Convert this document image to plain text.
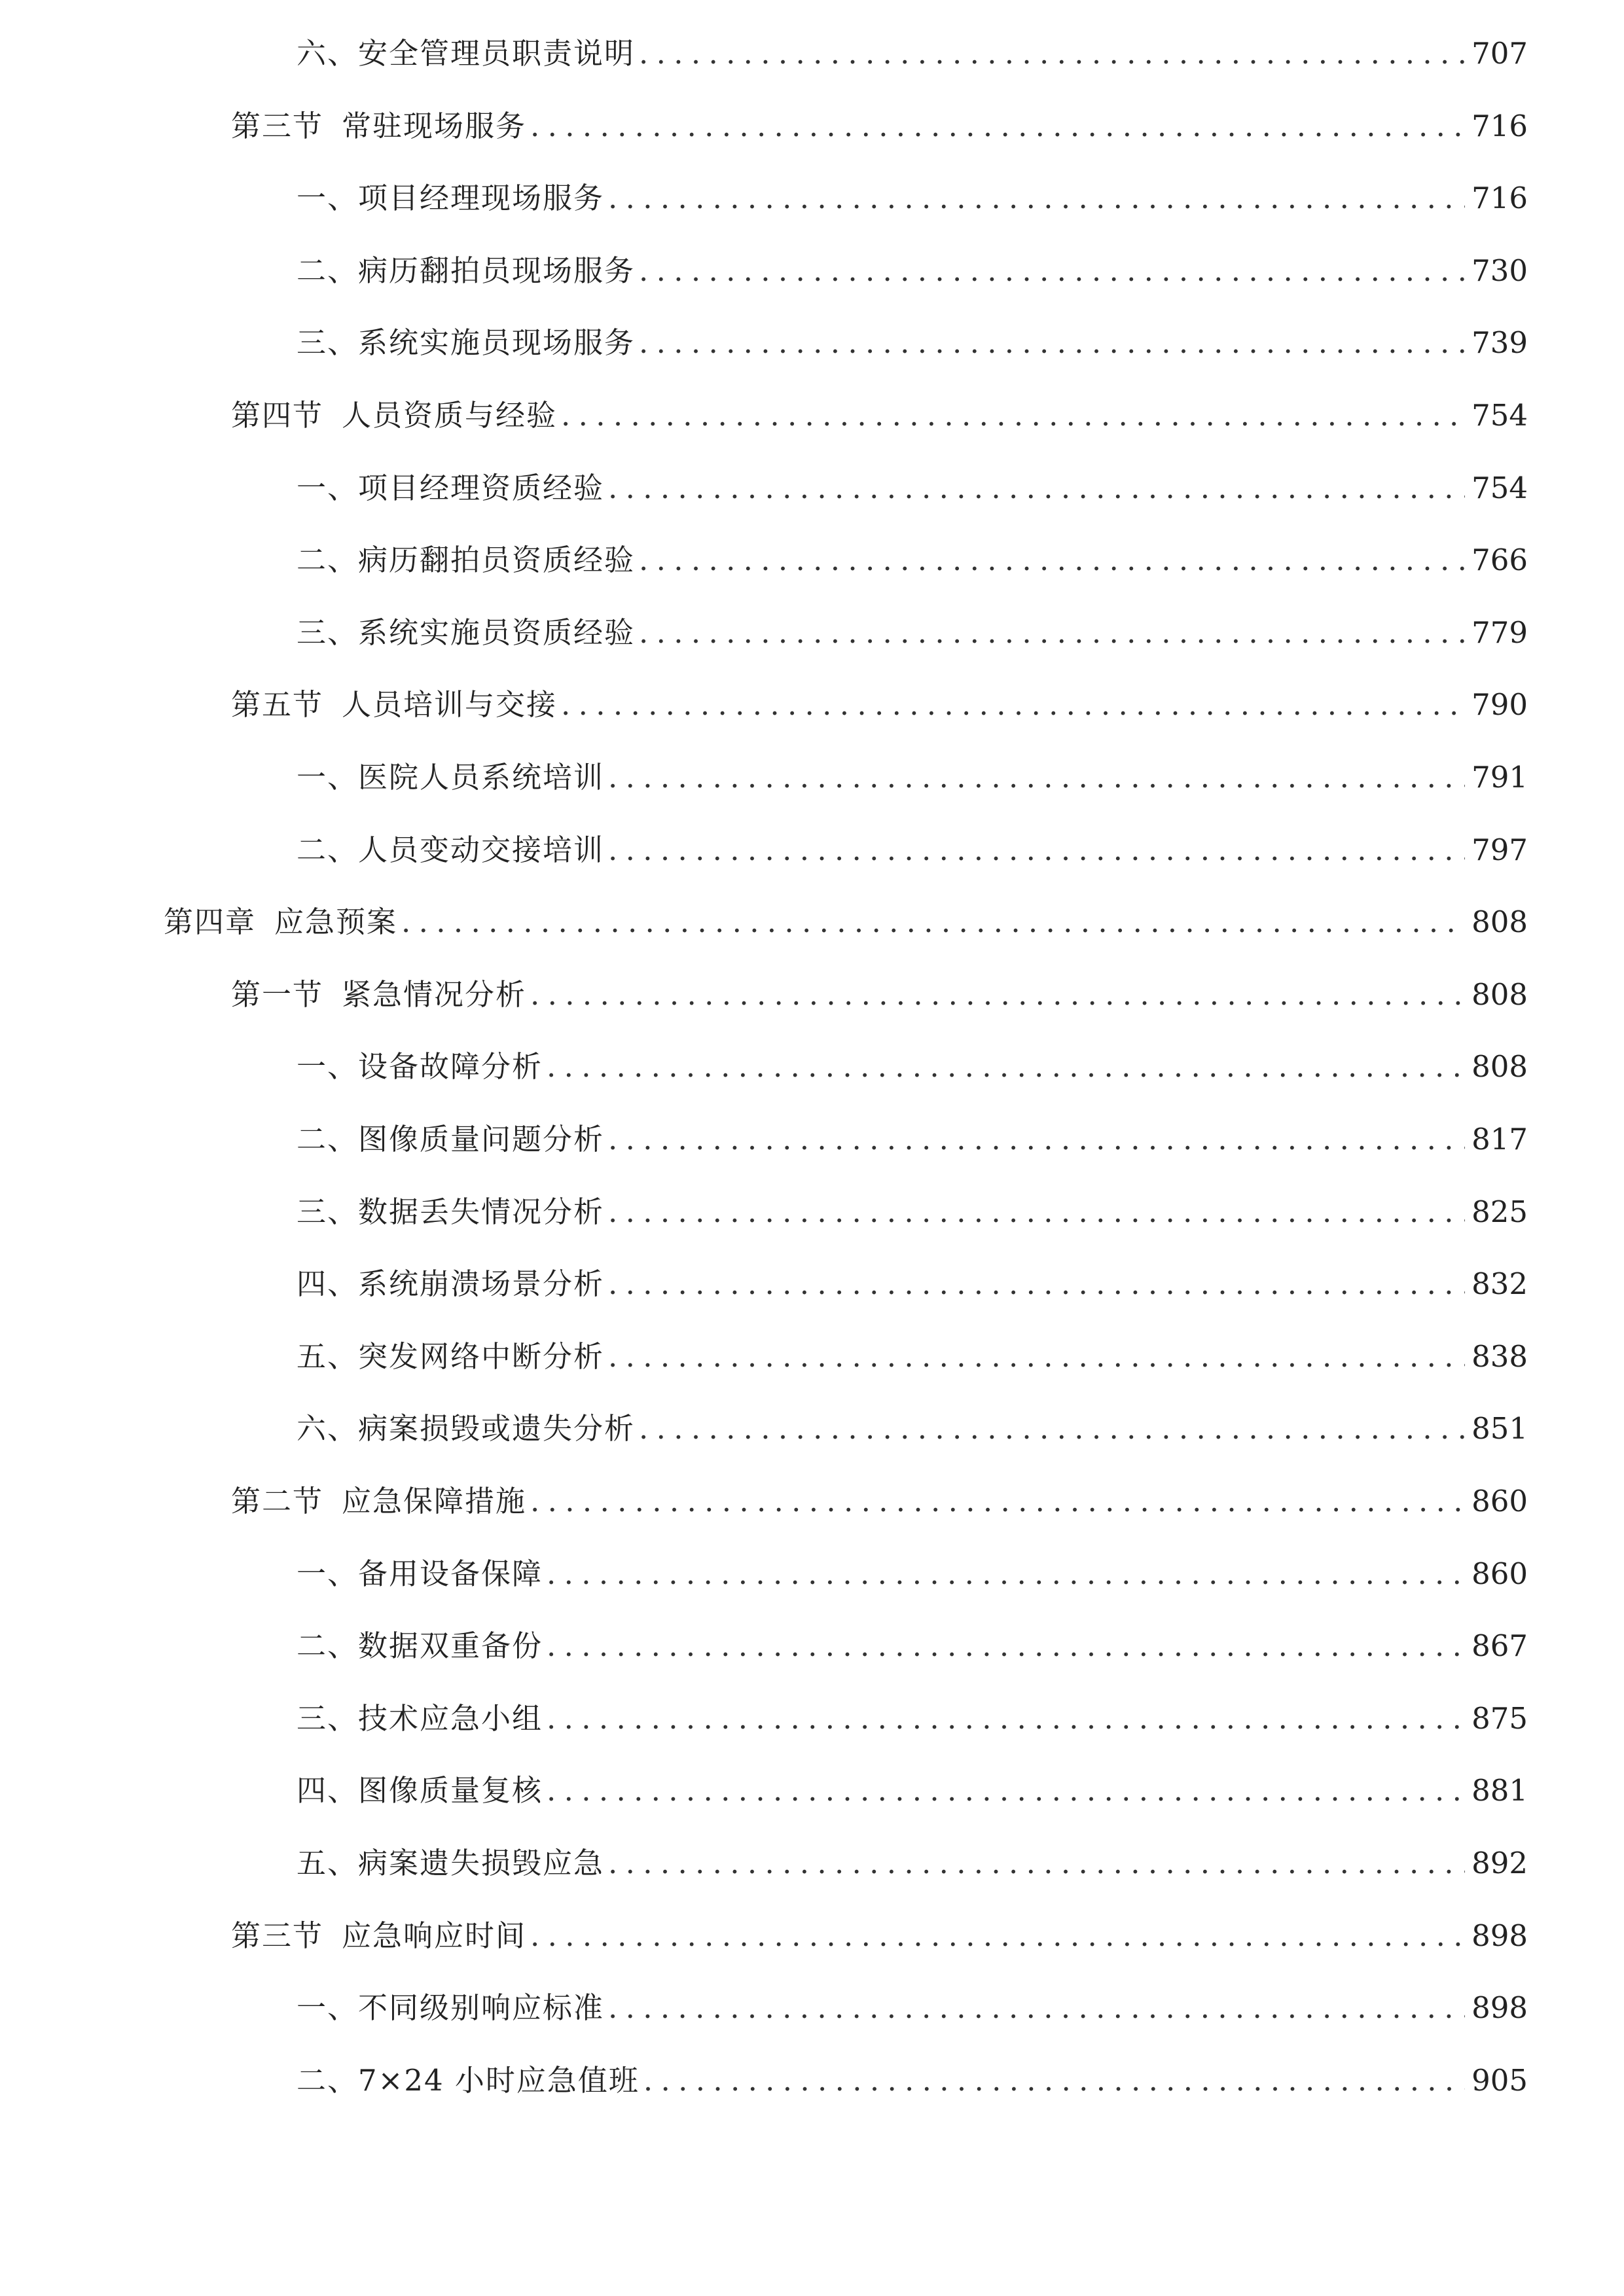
六、 安全管理员职责说明 . . .	707
第三节 常驻现场服务 . . .	716
一、 项目经理现场服务 . . .	716
二、 病历翻拍员现场服务 . . .	730
三、 系统实施员现场服务 . . .	739
第四节 人员资质与经验 . . .	754
一、 项目经理资质经验 . . .	754
二、 病历翻拍员资质经验 . . .	766
三、 系统实施员资质经验 . . .	779
第五节 人员培训与交接 . . .	790
一、 医院人员系统培训 . . .	791
二、 人员变动交接培训 . . .	797
第四章 应急预案 . . .	808
第一节 紧急情况分析 . . .	808
一、 设备故障分析 . . .	808
二、 图像质量问题分析 . . .	817
三、 数据丢失情况分析 . . .	825
四、 系统崩溃场景分析 . . .	832
五、 突发网络中断分析 . . .	838
六、 病案损毁或遗失分析 . . .	851
第二节 应急保障措施 . . .	860
一、 备用设备保障 . . .	860
二、 数据双重备份 . . .	867
三、 技术应急小组 . . .	875
四、 图像质量复核 . . .	881
五、 病案遗失损毁应急 . . .	892
第三节 应急响应时间 . . .	898
一、 不同级别响应标准 . . .	898
二、 7×24 小时应急值班 . . .	905
